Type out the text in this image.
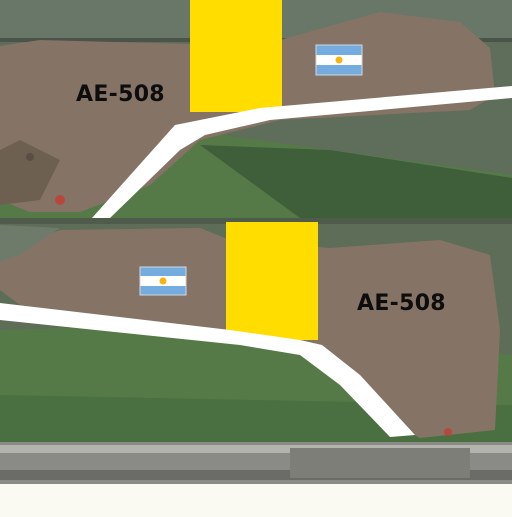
AE-508
AE-508
